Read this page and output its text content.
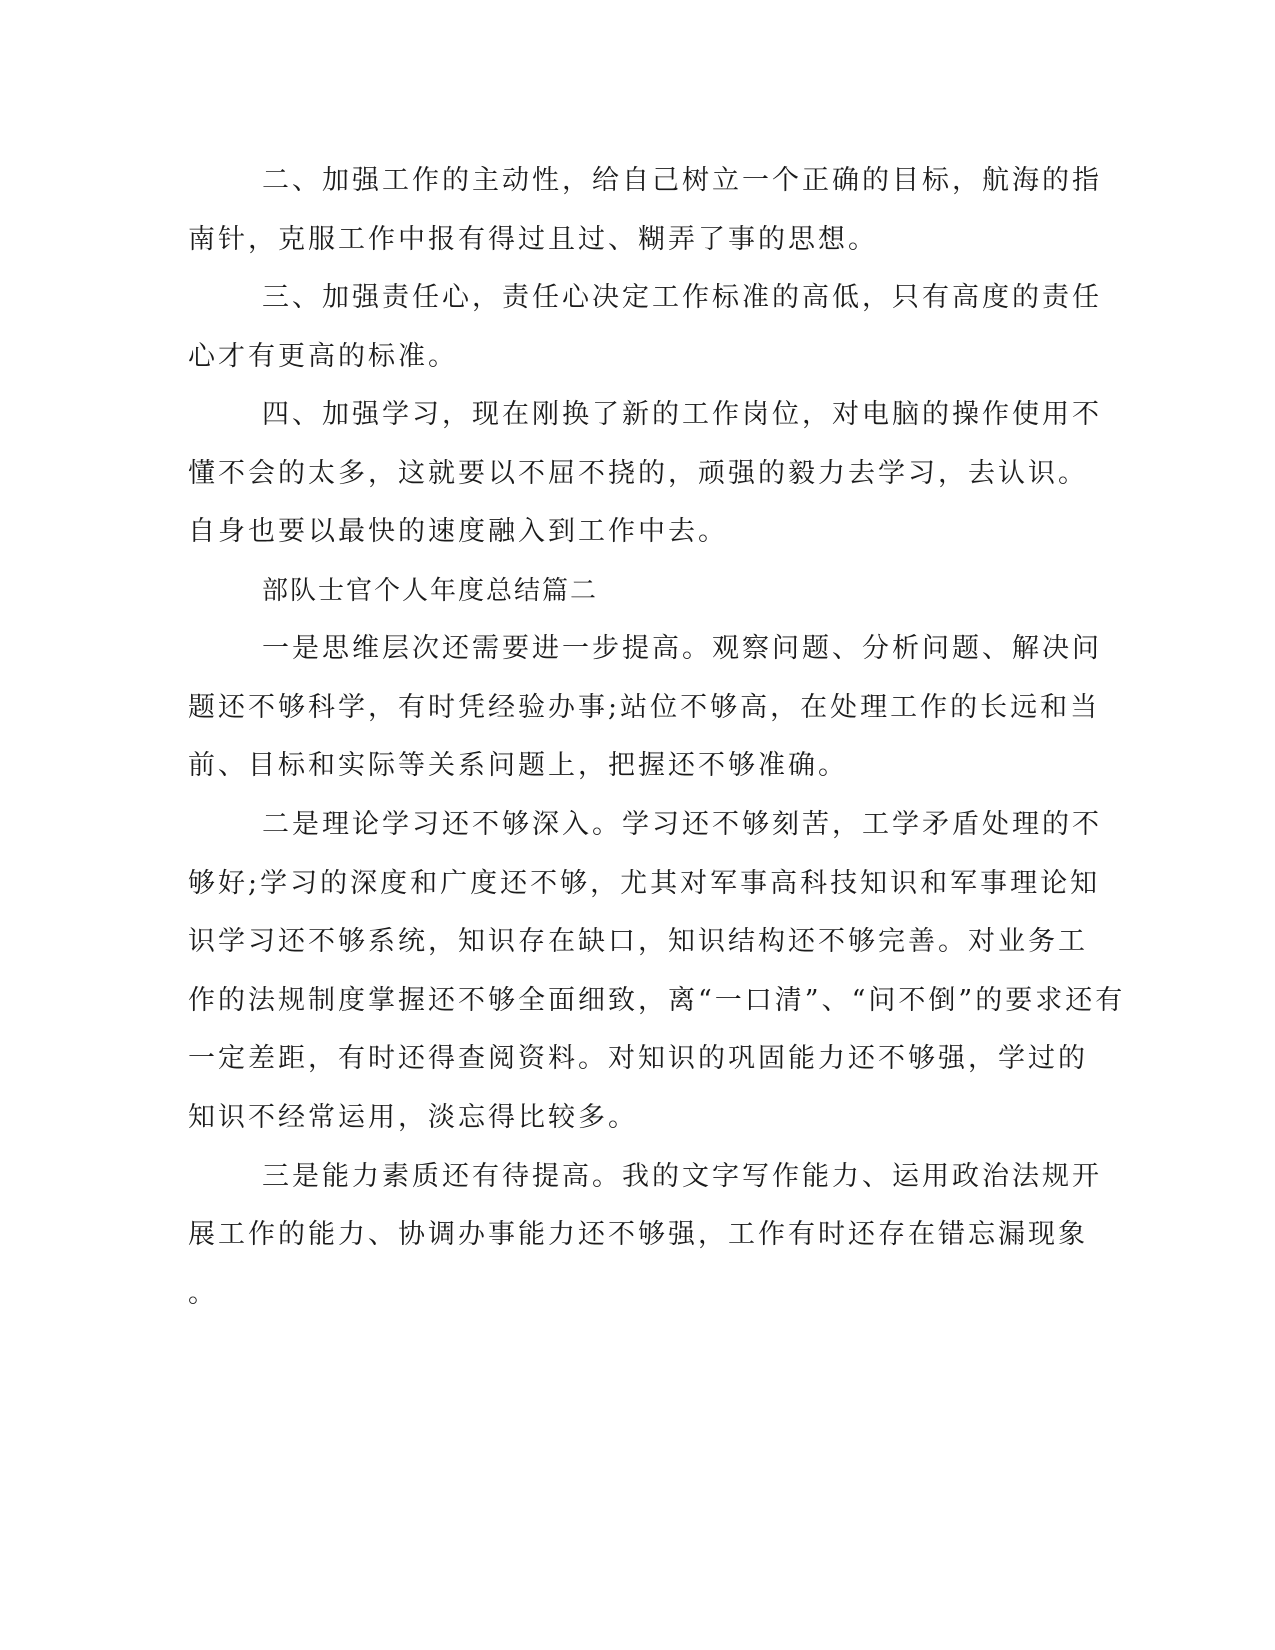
二、加强工作的主动性，给自己树立一个正确的目标，航海的指
南针，克服工作中报有得过且过、糊弄了事的思想。
三、加强责任心，责任心决定工作标准的高低，只有高度的责任
心才有更高的标准。
四、加强学习，现在刚换了新的工作岗位，对电脑的操作使用不
懂不会的太多，这就要以不屈不挠的，顽强的毅力去学习，去认识。
自身也要以最快的速度融入到工作中去。
部队士官个人年度总结篇二
一是思维层次还需要进一步提高。观察问题、分析问题、解决问
题还不够科学，有时凭经验办事;站位不够高，在处理工作的长远和当
前、目标和实际等关系问题上，把握还不够准确。
二是理论学习还不够深入。学习还不够刻苦，工学矛盾处理的不
够好;学习的深度和广度还不够，尤其对军事高科技知识和军事理论知
识学习还不够系统，知识存在缺口，知识结构还不够完善。对业务工
作的法规制度掌握还不够全面细致，离“一口清”、“问不倒”的要求还有
一定差距，有时还得查阅资料。对知识的巩固能力还不够强，学过的
知识不经常运用，淡忘得比较多。
三是能力素质还有待提高。我的文字写作能力、运用政治法规开
展工作的能力、协调办事能力还不够强，工作有时还存在错忘漏现象
。
